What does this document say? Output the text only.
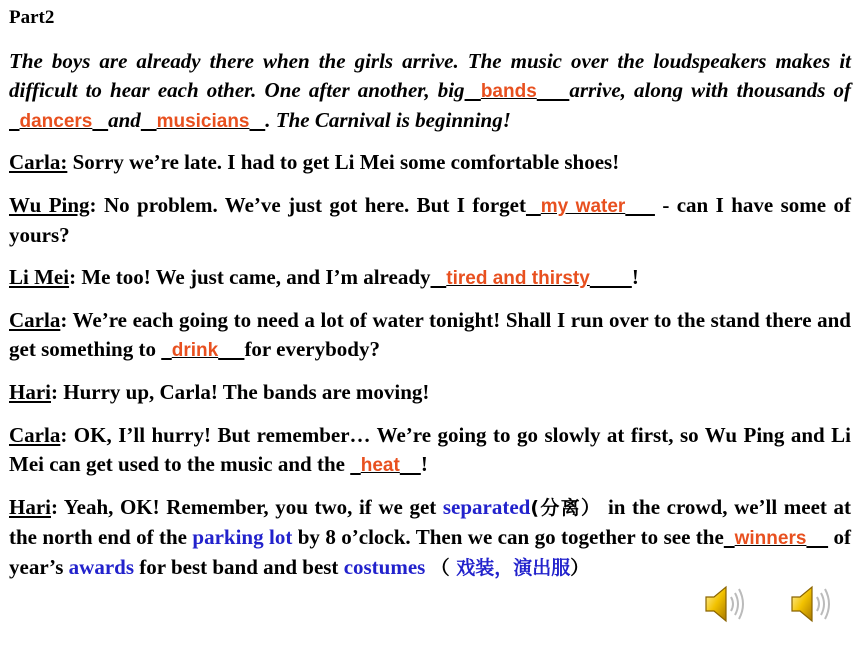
Part2

The boys are already there when the girls arrive. The music over the loudspeakers makes it difficult to hear each other. One after another, big bands arrive, along with thousands of  dancers and musicians . The Carnival is beginning!

Carla: Sorry we’re late. I had to get Li Mei some comfortable shoes!

Wu Ping: No problem. We’ve just got here. But I forget my water     - can I have some of yours?

Li Mei: Me too! We just came, and I’m already tired and thirsty !

Carla: We’re each going to need a lot of water tonight! Shall I run over to the stand there and get something to   drink for everybody?

Hari: Hurry up, Carla! The bands are moving!

Carla: OK, I’ll hurry! But remember… We’re going to go slowly at first, so Wu Ping and Li Mei can get used to the music and the   heat !

Hari: Yeah, OK! Remember, you two, if we get separated(分离） in the crowd, we’ll meet at the north end of the parking lot by 8 o’clock. Then we can go together to see the winners     of year’s awards for best band and best costumes （ 戏装，演出服）
